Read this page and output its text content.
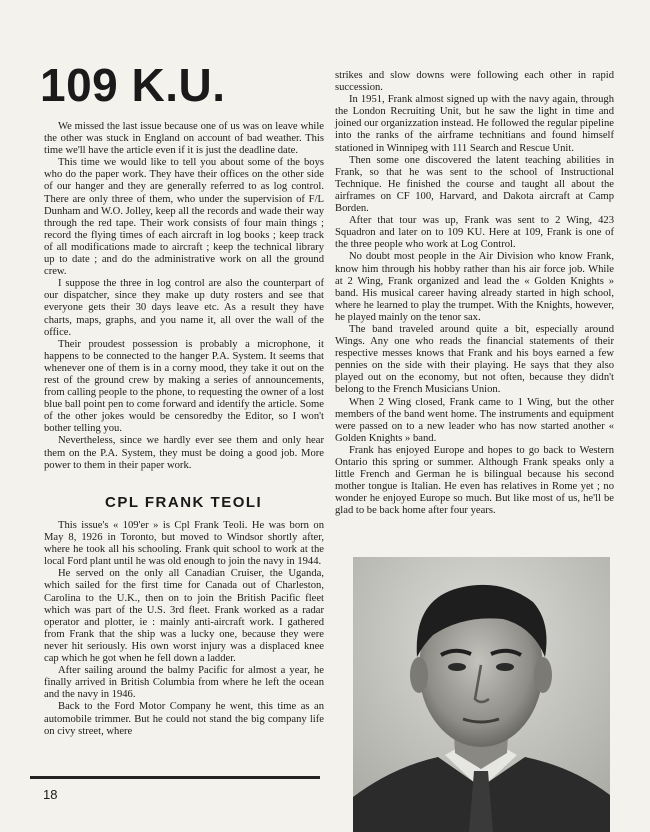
109 K.U.

We missed the last issue because one of us was on leave while the other was stuck in England on account of bad weather. This time we'll have the article even if it is just the deadline date.

This time we would like to tell you about some of the boys who do the paper work. They have their offices on the other side of our hanger and they are generally referred to as log control. There are only three of them, who under the supervision of F/L Dunham and W.O. Jolley, keep all the records and wade their way through the red tape. Their work consists of four main things ; record the flying times of each aircraft in log books ; keep track of all modifications made to aircraft ; keep the technical library up to date ; and do the administrative work on all the ground crew.

I suppose the three in log control are also the counterpart of our dispatcher, since they make up duty rosters and see that everyone gets their 30 days leave etc. As a result they have charts, maps, graphs, and you name it, all over the wall of the office.

Their proudest possession is probably a microphone, it happens to be connected to the hanger P.A. System. It seems that whenever one of them is in a corny mood, they take it out on the rest of the ground crew by making a series of announcements, from calling people to the phone, to requesting the owner of a lost blue ball point pen to come forward and identify the article. Some of the other jokes would be censoredby the Editor, so I won't bother telling you.

Nevertheless, since we hardly ever see them and only hear them on the P.A. System, they must be doing a good job. More power to them in their paper work.

CPL FRANK TEOLI

This issue's « 109'er » is Cpl Frank Teoli. He was born on May 8, 1926 in Toronto, but moved to Windsor shortly after, where he took all his schooling. Frank quit school to work at the local Ford plant until he was old enough to join the navy in 1944.

He served on the only all Canadian Cruiser, the Uganda, which sailed for the first time for Canada out of Charleston, Carolina to the U.K., then on to join the British Pacific fleet which was part of the U.S. 3rd fleet. Frank worked as a radar operator and plotter, ie : mainly anti-aircraft work. I gathered from Frank that the ship was a lucky one, because they were never hit seriously. His own worst injury was a displaced knee cap which he got when he fell down a ladder.

After sailing around the balmy Pacific for almost a year, he finally arrived in British Columbia from where he left the ocean and the navy in 1946.

Back to the Ford Motor Company he went, this time as an automobile trimmer. But he could not stand the big company life on civy street, where

strikes and slow downs were following each other in rapid succession.

In 1951, Frank almost signed up with the navy again, through the London Recruiting Unit, but he saw the light in time and joined our organizzation instead. He followed the regular pipeline into the ranks of the airframe technitians and found himself stationed in Winnipeg with 111 Search and Rescue Unit.

Then some one discovered the latent teaching abilities in Frank, so that he was sent to the school of Instructional Technique. He finished the course and taught all about the airframes on CF 100, Harvard, and Dakota aircraft at Camp Borden.

After that tour was up, Frank was sent to 2 Wing, 423 Squadron and later on to 109 KU. Here at 109, Frank is one of the three people who work at Log Control.

No doubt most people in the Air Division who know Frank, know him through his hobby rather than his air force job. While at 2 Wing, Frank organized and lead the « Golden Knights » band. His musical career having already started in high school, where he learned to play the trumpet. With the Knights, however, he played mainly on the tenor sax.

The band traveled around quite a bit, especially around Wings. Any one who reads the financial statements of their respective messes knows that Frank and his boys earned a few pennies on the side with their playing. He says that they also played out on the economy, but not often, because they didn't belong to the French Musicians Union.

When 2 Wing closed, Frank came to 1 Wing, but the other members of the band went home. The instruments and equipment were passed on to a new leader who has now started another « Golden Knights » band.

Frank has enjoyed Europe and hopes to go back to Western Ontario this spring or summer. Although Frank speaks only a little French and German he is bilingual because his second mother tongue is Italian. He even has relatives in Rome yet ; no wonder he enjoyed Europe so much. But like most of us, he'll be glad to be back home after four years.

18
